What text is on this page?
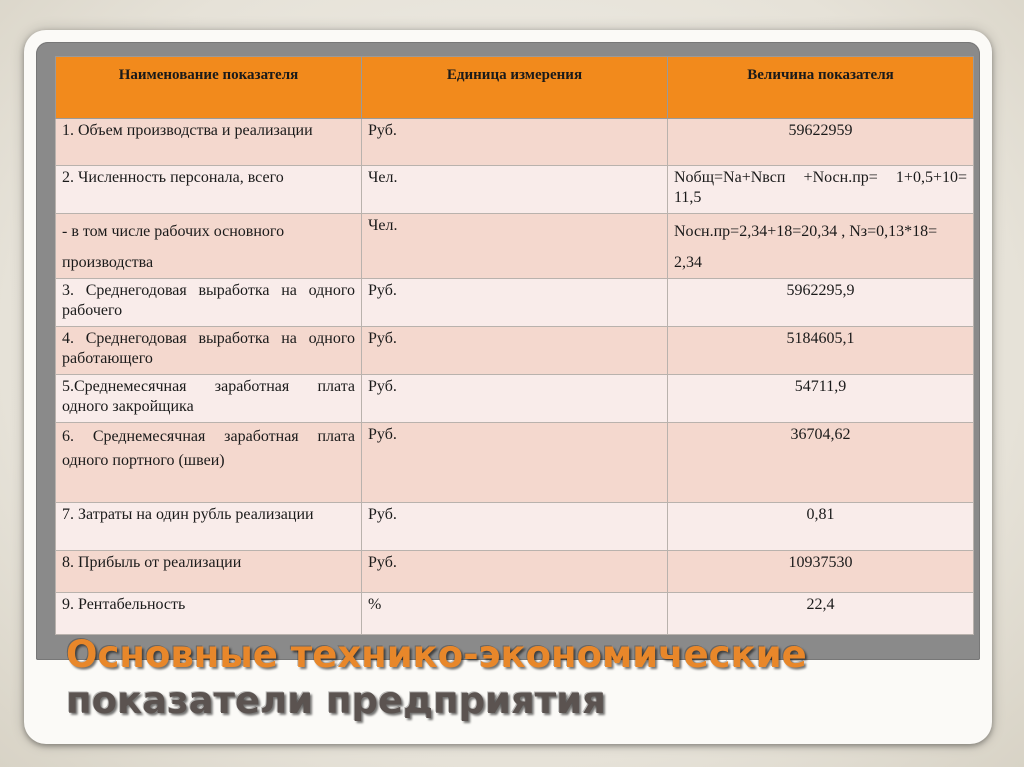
Наименование показателя	Единица измерения	Величина показателя
1. Объем производства и реализации	Руб.	59622959
2. Численность персонала, всего	Чел.	Nобщ=Na+Nвсп +Nосн.пр= 1+0,5+10= 11,5
- в том числе рабочих основного производства	Чел.	Nосн.пр=2,34+18=20,34 , Nз=0,13*18= 2,34
3. Среднегодовая выработка на одного рабочего	Руб.	5962295,9
4. Среднегодовая выработка на одного работающего	Руб.	5184605,1
5.Среднемесячная заработная плата одного закройщика	Руб.	54711,9
6. Среднемесячная заработная плата одного портного (швеи)	Руб.	36704,62
7. Затраты на один рубль реализации	Руб.	0,81
8. Прибыль от реализации	Руб.	10937530
9. Рентабельность	%	22,4
Основные технико-экономические
показатели предприятия
